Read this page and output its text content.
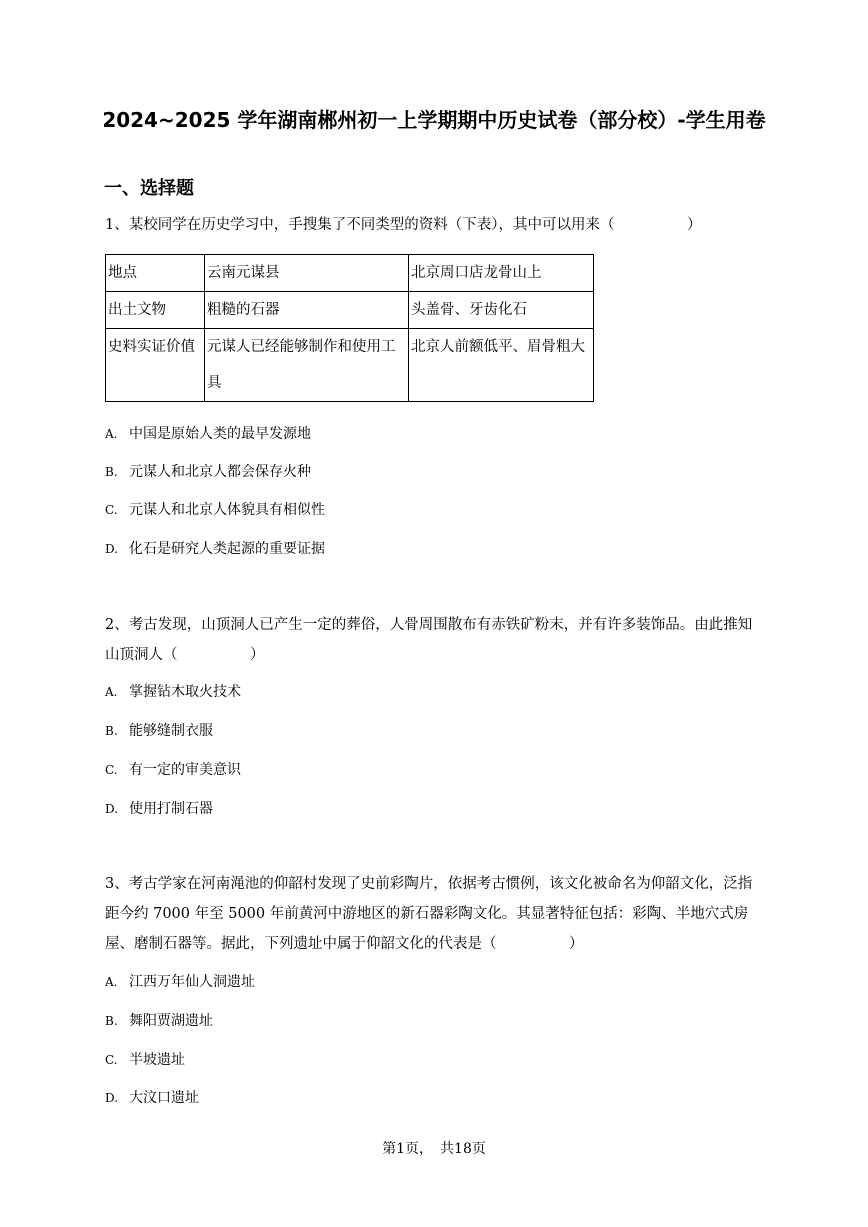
2024~2025 学年湖南郴州初一上学期期中历史试卷（部分校）-学生用卷
一、选择题
1、某校同学在历史学习中，手搜集了不同类型的资料（下表），其中可以用来（　　　　　）
地点	云南元谋县	北京周口店龙骨山上
出土文物	粗糙的石器	头盖骨、牙齿化石
史料实证价值	元谋人已经能够制作和使用工具	北京人前额低平、眉骨粗大
A. 中国是原始人类的最早发源地
B. 元谋人和北京人都会保存火种
C. 元谋人和北京人体貌具有相似性
D. 化石是研究人类起源的重要证据
2、考古发现，山顶洞人已产生一定的葬俗，人骨周围散布有赤铁矿粉末，并有许多装饰品。由此推知山顶洞人（　　　　　）
A. 掌握钻木取火技术
B. 能够缝制衣服
C. 有一定的审美意识
D. 使用打制石器
3、考古学家在河南渑池的仰韶村发现了史前彩陶片，依据考古惯例，该文化被命名为仰韶文化，泛指距今约 7000 年至 5000 年前黄河中游地区的新石器彩陶文化。其显著特征包括：彩陶、半地穴式房屋、磨制石器等。据此，下列遗址中属于仰韶文化的代表是（　　　　　）
A. 江西万年仙人洞遗址
B. 舞阳贾湖遗址
C. 半坡遗址
D. 大汶口遗址
第1页，　共18页
